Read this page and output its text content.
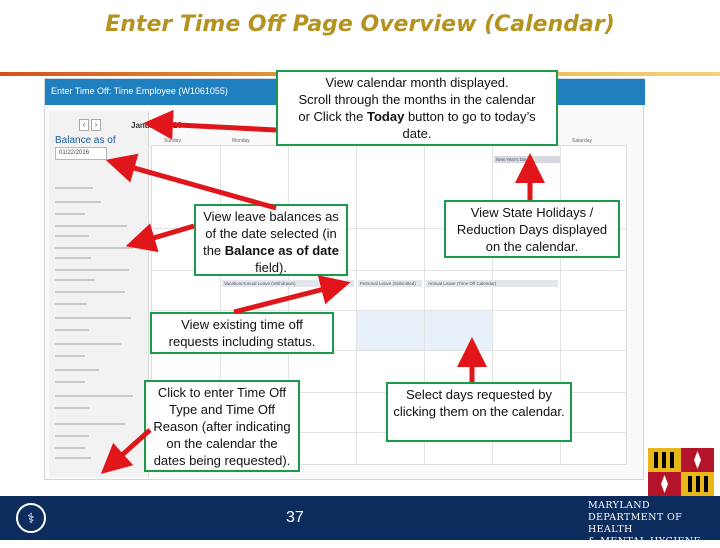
Enter Time Off Page Overview (Calendar)
Enter Time Off: Time Employee (W1061055)
Balance as of
01/22/2016
‹	›	January 2016
Sunday	Monday	Saturday
New Year's Day
Vacation/Annual Leave (Withdrawn)	Personal Leave (Submitted)	Annual Leave (Time Off Calendar)
View calendar month displayed.
Scroll through the months in the calendar
or Click the Today button to go to today’s
date.
View leave balances as of the date selected (in the Balance as of date field).
View State Holidays / Reduction Days displayed on the calendar.
View existing time off requests including status.
Click to enter Time Off Type and Time Off Reason (after indicating on the calendar the dates being requested).
Select days requested by clicking them on the calendar.
⚕	37
MARYLAND
DEPARTMENT OF HEALTH
& MENTAL HYGIENE
